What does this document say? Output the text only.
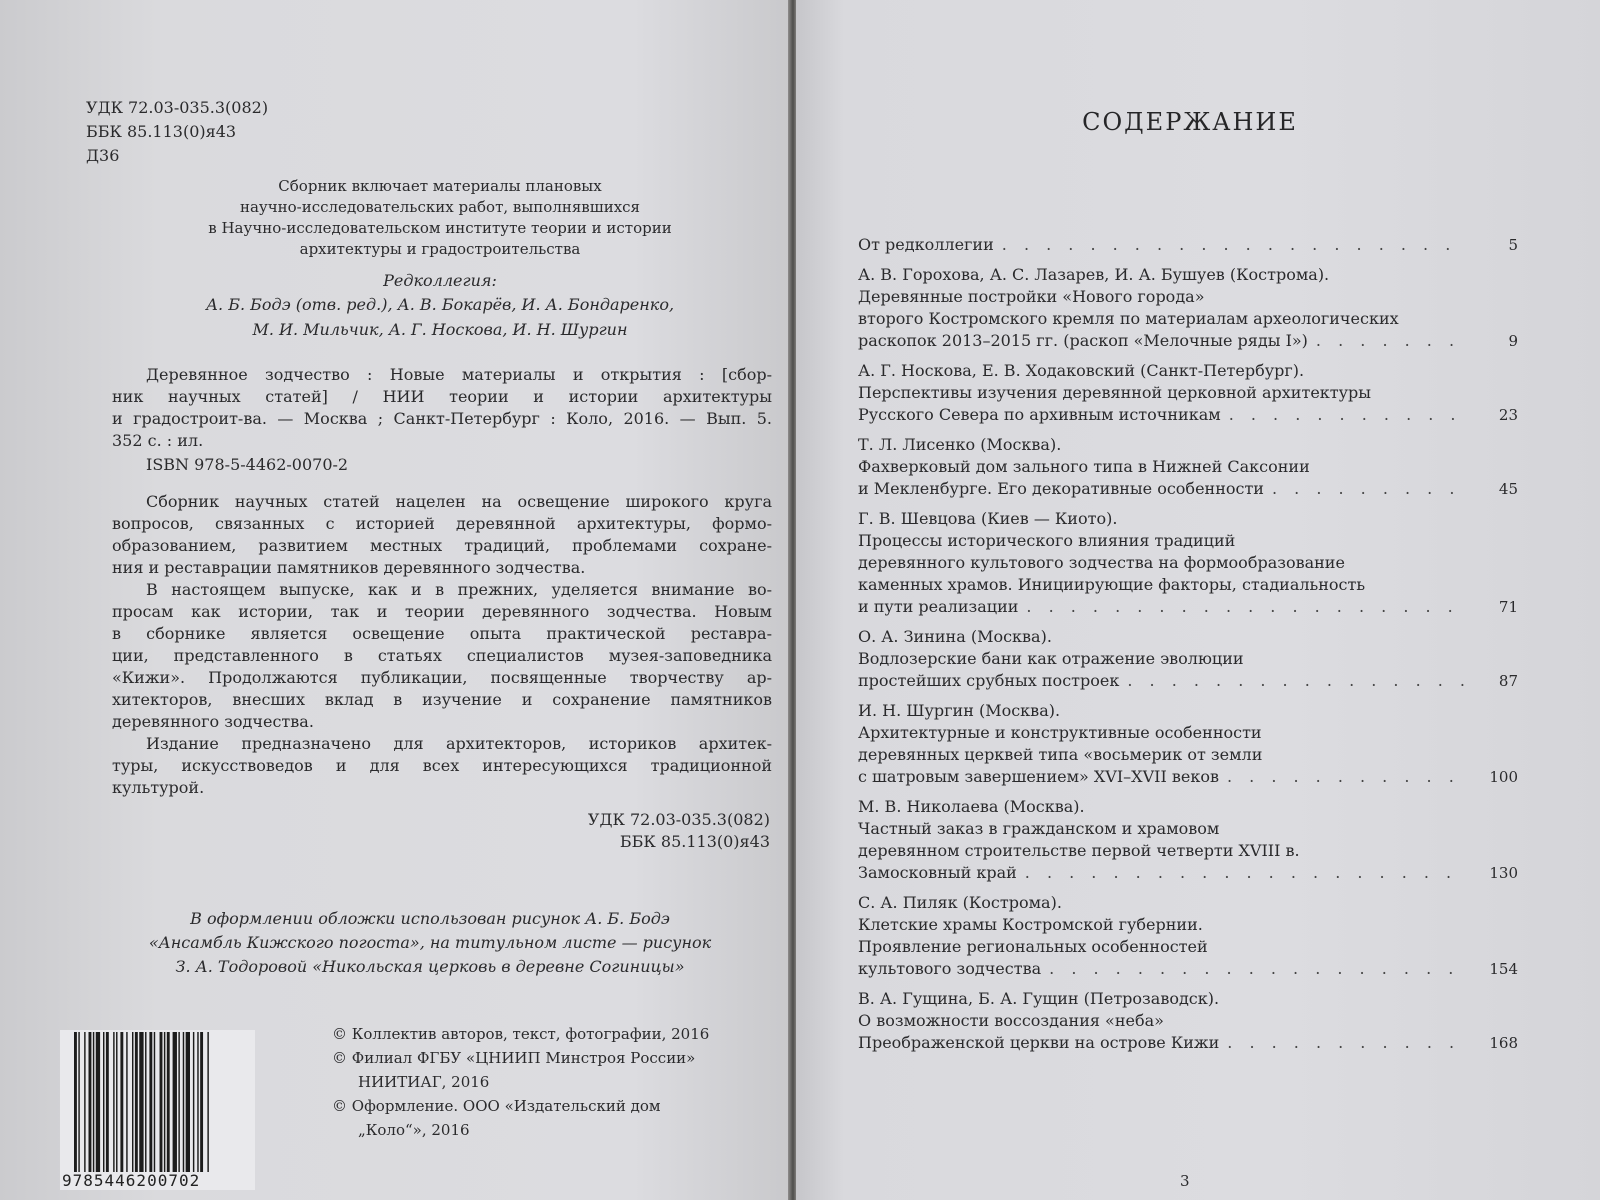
УДК 72.03-035.3(082)
ББК 85.113(0)я43
Д36
Сборник включает материалы плановых
научно-исследовательских работ, выполнявшихся
в Научно-исследовательском институте теории и истории
архитектуры и градостроительства
Редколлегия:
А. Б. Бодэ (отв. ред.), А. В. Бокарёв, И. А. Бондаренко,
М. И. Мильчик, А. Г. Носкова, И. Н. Шургин
Деревянное зодчество : Новые материалы и открытия : [сбор-
ник научных статей] / НИИ теории и истории архитектуры
и градостроит-ва. — Москва ; Санкт-Петербург : Коло, 2016. — Вып. 5.
352 с. : ил.
ISBN 978-5-4462-0070-2
Сборник научных статей нацелен на освещение широкого круга
вопросов, связанных с историей деревянной архитектуры, формо-
образованием, развитием местных традиций, проблемами сохране-
ния и реставрации памятников деревянного зодчества.
В настоящем выпуске, как и в прежних, уделяется внимание во-
просам как истории, так и теории деревянного зодчества. Новым
в сборнике является освещение опыта практической реставра-
ции, представленного в статьях специалистов музея-заповедника
«Кижи». Продолжаются публикации, посвященные творчеству ар-
хитекторов, внесших вклад в изучение и сохранение памятников
деревянного зодчества.
Издание предназначено для архитекторов, историков архитек-
туры, искусствоведов и для всех интересующихся традиционной
культурой.
УДК 72.03-035.3(082)
ББК 85.113(0)я43
В оформлении обложки использован рисунок А. Б. Бодэ
«Ансамбль Кижского погоста», на титульном листе — рисунок
З. А. Тодоровой «Никольская церковь в деревне Согиницы»
9785446200702
© Коллектив авторов, текст, фотографии, 2016
© Филиал ФГБУ «ЦНИИП Минстроя России»
НИИТИАГ, 2016
© Оформление. ООО «Издательский дом
„Коло“», 2016
СОДЕРЖАНИЕ
От редколлегии . . .	5
А. В. Горохова, А. С. Лазарев, И. А. Бушуев (Кострома).
Деревянные постройки «Нового города»
второго Костромского кремля по материалам археологических
раскопок 2013–2015 гг. (раскоп «Мелочные ряды I») . . .	9
А. Г. Носкова, Е. В. Ходаковский (Санкт-Петербург).
Перспективы изучения деревянной церковной архитектуры
Русского Севера по архивным источникам . . .	23
Т. Л. Лисенко (Москва).
Фахверковый дом зального типа в Нижней Саксонии
и Мекленбурге. Его декоративные особенности . . .	45
Г. В. Шевцова (Киев — Киото).
Процессы исторического влияния традиций
деревянного культового зодчества на формообразование
каменных храмов. Инициирующие факторы, стадиальность
и пути реализации . . .	71
О. А. Зинина (Москва).
Водлозерские бани как отражение эволюции
простейших срубных построек . . .	87
И. Н. Шургин (Москва).
Архитектурные и конструктивные особенности
деревянных церквей типа «восьмерик от земли
с шатровым завершением» XVI–XVII веков . . .	100
М. В. Николаева (Москва).
Частный заказ в гражданском и храмовом
деревянном строительстве первой четверти XVIII в.
Замосковный край . . .	130
С. А. Пиляк (Кострома).
Клетские храмы Костромской губернии.
Проявление региональных особенностей
культового зодчества . . .	154
В. А. Гущина, Б. А. Гущин (Петрозаводск).
О возможности воссоздания «неба»
Преображенской церкви на острове Кижи . . .	168
3
